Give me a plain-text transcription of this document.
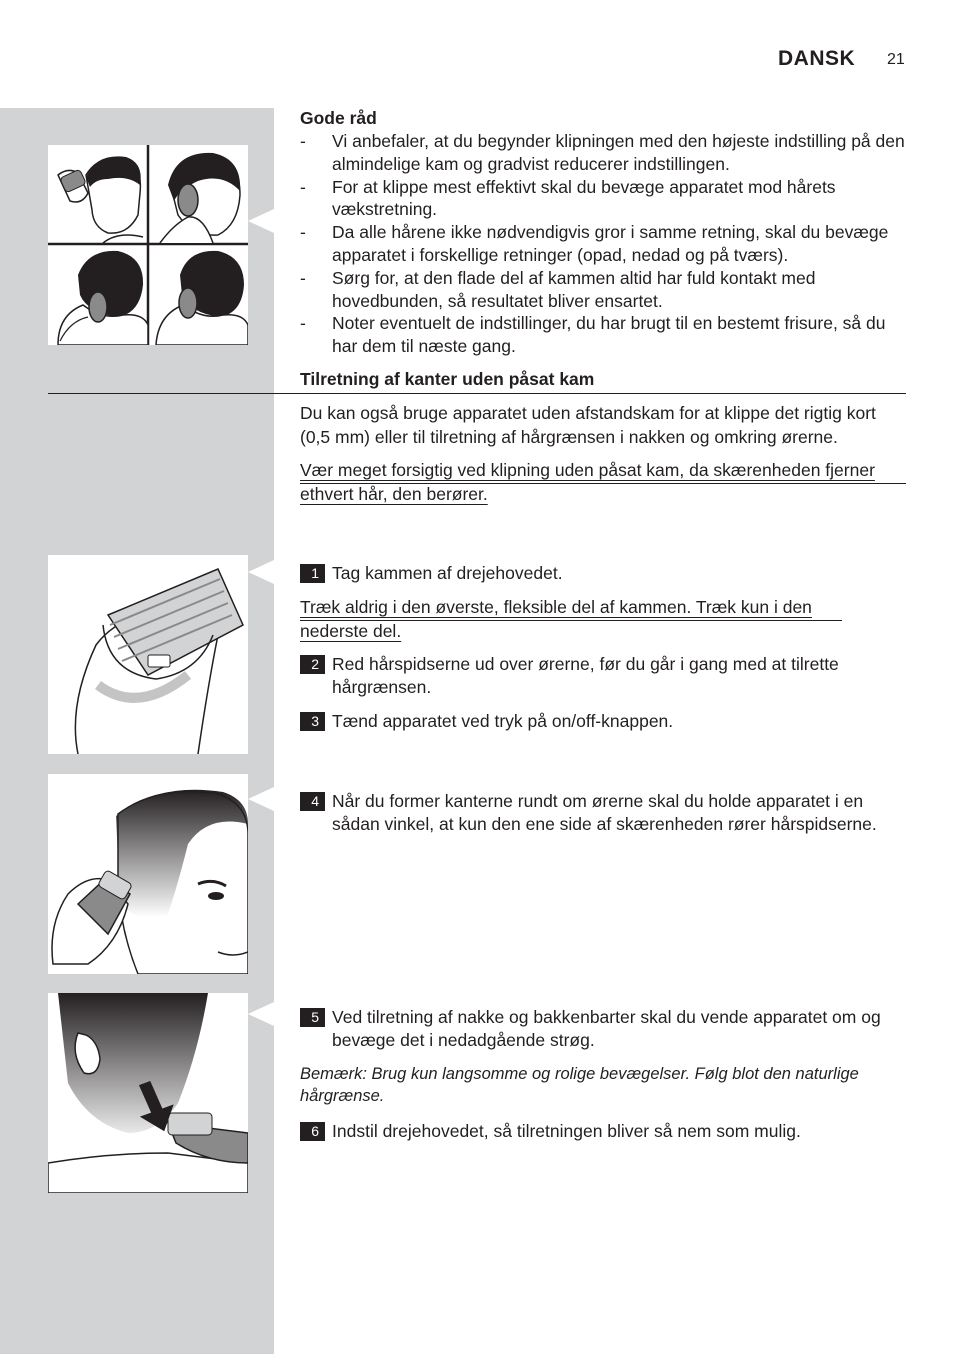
DANSK 21
Gode råd
- Vi anbefaler, at du begynder klipningen med den højeste indstilling på den almindelige kam og gradvist reducerer indstillingen.
- For at klippe mest effektivt skal du bevæge apparatet mod hårets vækstretning.
- Da alle hårene ikke nødvendigvis gror i samme retning, skal du bevæge apparatet i forskellige retninger (opad, nedad og på tværs).
- Sørg for, at den flade del af kammen altid har fuld kontakt med hovedbunden, så resultatet bliver ensartet.
- Noter eventuelt de indstillinger, du har brugt til en bestemt frisure, så du har dem til næste gang.
Tilretning af kanter uden påsat kam
Du kan også bruge apparatet uden afstandskam for at klippe det rigtig kort (0,5 mm) eller til tilretning af hårgrænsen i nakken og omkring ørerne.
Vær meget forsigtig ved klipning uden påsat kam, da skærenheden fjerner ethvert hår, den berører.
1 Tag kammen af drejehovedet.
Træk aldrig i den øverste, fleksible del af kammen. Træk kun i den nederste del.
2 Red hårspidserne ud over ørerne, før du går i gang med at tilrette hårgrænsen.
3 Tænd apparatet ved tryk på on/off-knappen.
4 Når du former kanterne rundt om ørerne skal du holde apparatet i en sådan vinkel, at kun den ene side af skærenheden rører hårspidserne.
5 Ved tilretning af nakke og bakkenbarter skal du vende apparatet om og bevæge det i nedadgående strøg.
Bemærk: Brug kun langsomme og rolige bevægelser. Følg blot den naturlige hårgrænse.
6 Indstil drejehovedet, så tilretningen bliver så nem som mulig.
